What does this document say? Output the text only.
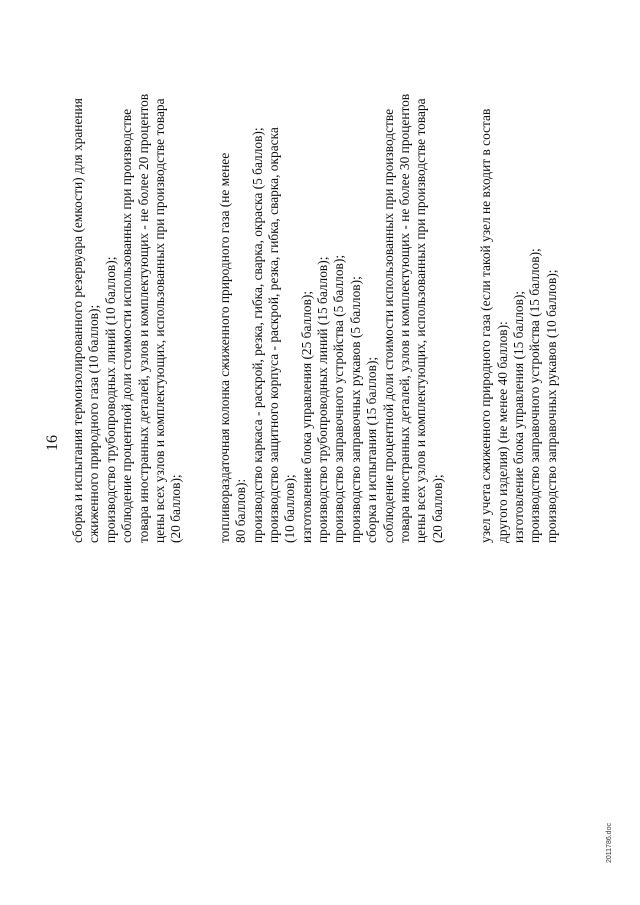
16 сборка и испытания термоизолированного резервуара (емкости) для хранения сжиженного природного газа (10 баллов); производство трубопроводных линий (10 баллов); соблюдение процентной доли стоимости использованных при производстве товара иностранных деталей, узлов и комплектующих - не более 20 процентов цены всех узлов и комплектующих, использованных при производстве товара (20 баллов); топливораздаточная колонка сжиженного природного газа (не менее 80 баллов): производство каркаса - раскрой, резка, гибка, сварка, окраска (5 баллов); производство защитного корпуса - раскрой, резка, гибка, сварка, окраска (10 баллов); изготовление блока управления (25 баллов); производство трубопроводных линий (15 баллов); производство заправочного устройства (5 баллов); производство заправочных рукавов (5 баллов); сборка и испытания (15 баллов); соблюдение процентной доли стоимости использованных при производстве товара иностранных деталей, узлов и комплектующих - не более 30 процентов цены всех узлов и комплектующих, использованных при производстве товара (20 баллов); узел учета сжиженного природного газа (если такой узел не входит в состав другого изделия) (не менее 40 баллов): изготовление блока управления (15 баллов); производство заправочного устройства (15 баллов); производство заправочных рукавов (10 баллов);
2011786.doc
